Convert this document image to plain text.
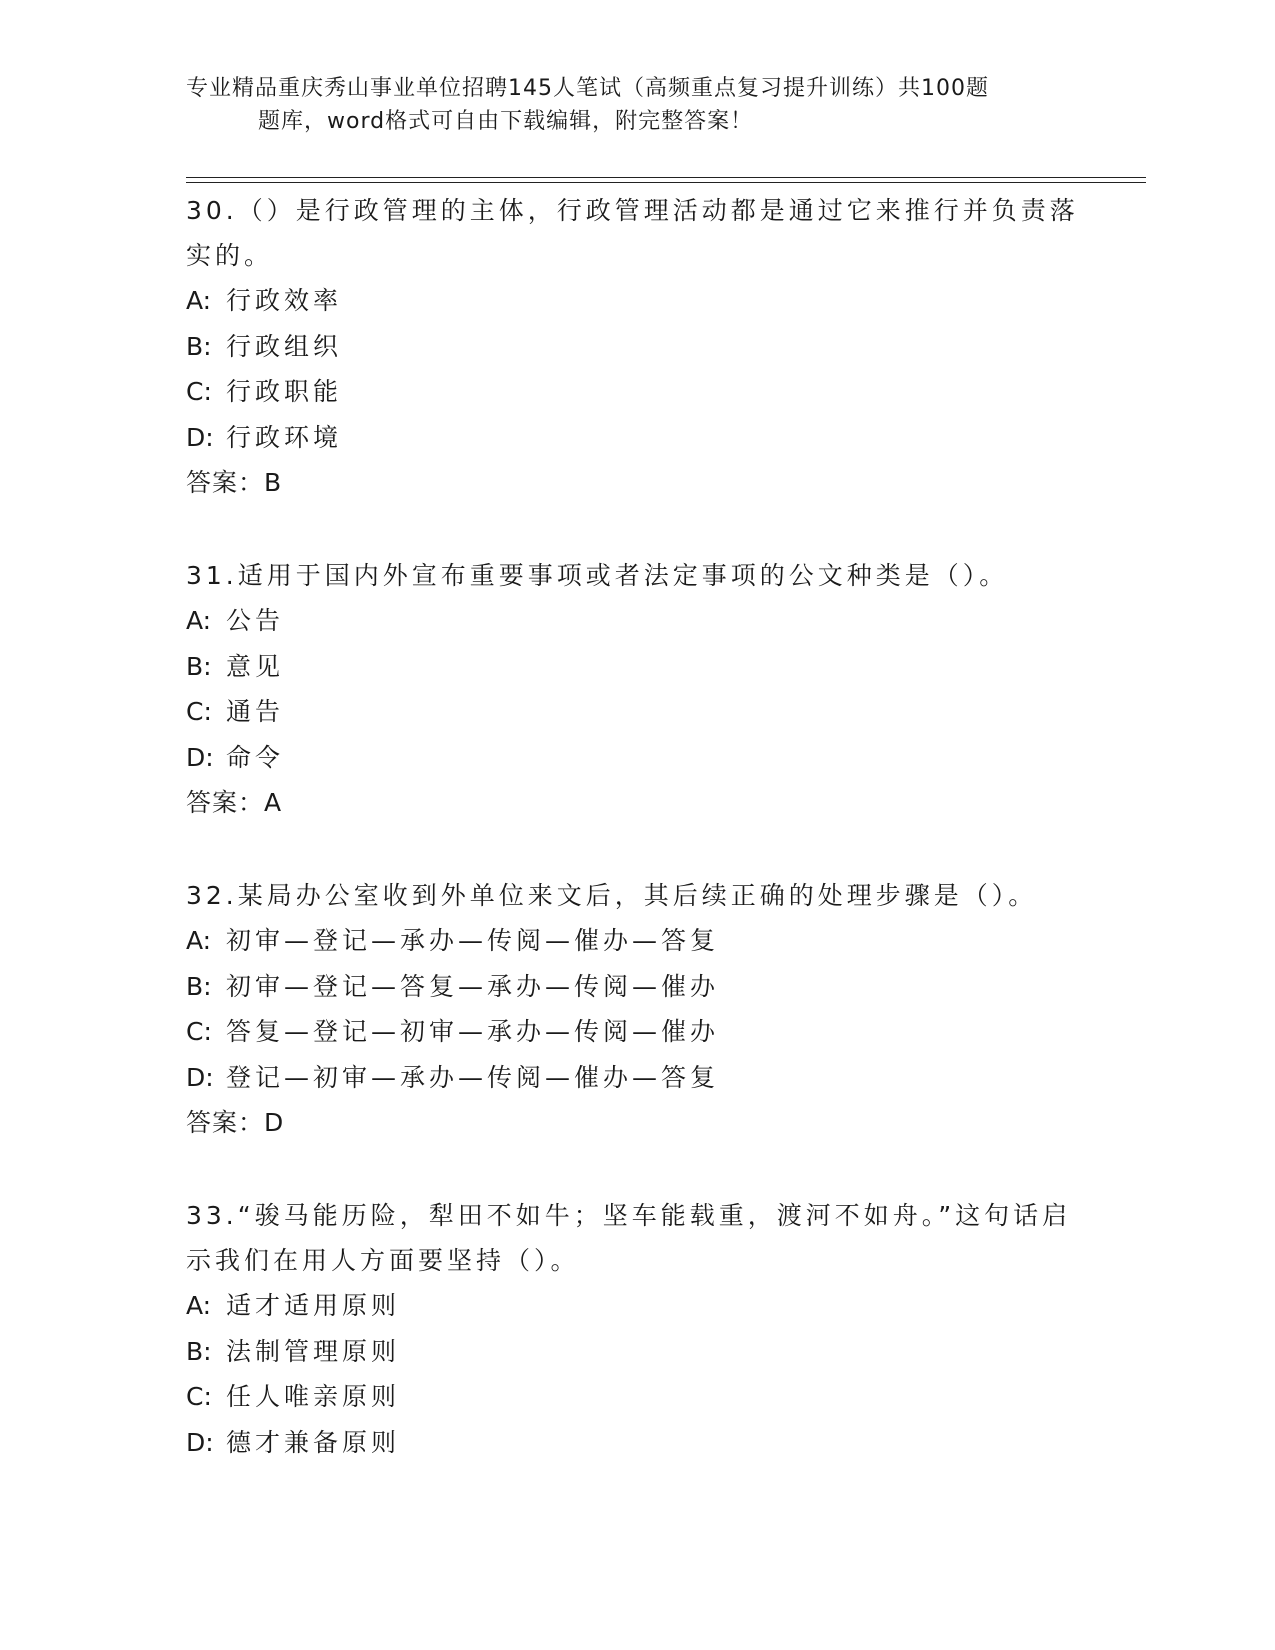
专业精品重庆秀山事业单位招聘145人笔试（高频重点复习提升训练）共100题
题库，word格式可自由下载编辑，附完整答案！

30.（）是行政管理的主体，行政管理活动都是通过它来推行并负责落实的。

A: 行政效率
B: 行政组织
C: 行政职能
D: 行政环境
答案：B

31.适用于国内外宣布重要事项或者法定事项的公文种类是（）。

A: 公告
B: 意见
C: 通告
D: 命令
答案：A

32.某局办公室收到外单位来文后，其后续正确的处理步骤是（）。

A: 初审—登记—承办—传阅—催办—答复
B: 初审—登记—答复—承办—传阅—催办
C: 答复—登记—初审—承办—传阅—催办
D: 登记—初审—承办—传阅—催办—答复
答案：D

33.“骏马能历险，犁田不如牛；坚车能载重，渡河不如舟。”这句话启示我们在用人方面要坚持（）。

A: 适才适用原则
B: 法制管理原则
C: 任人唯亲原则
D: 德才兼备原则
